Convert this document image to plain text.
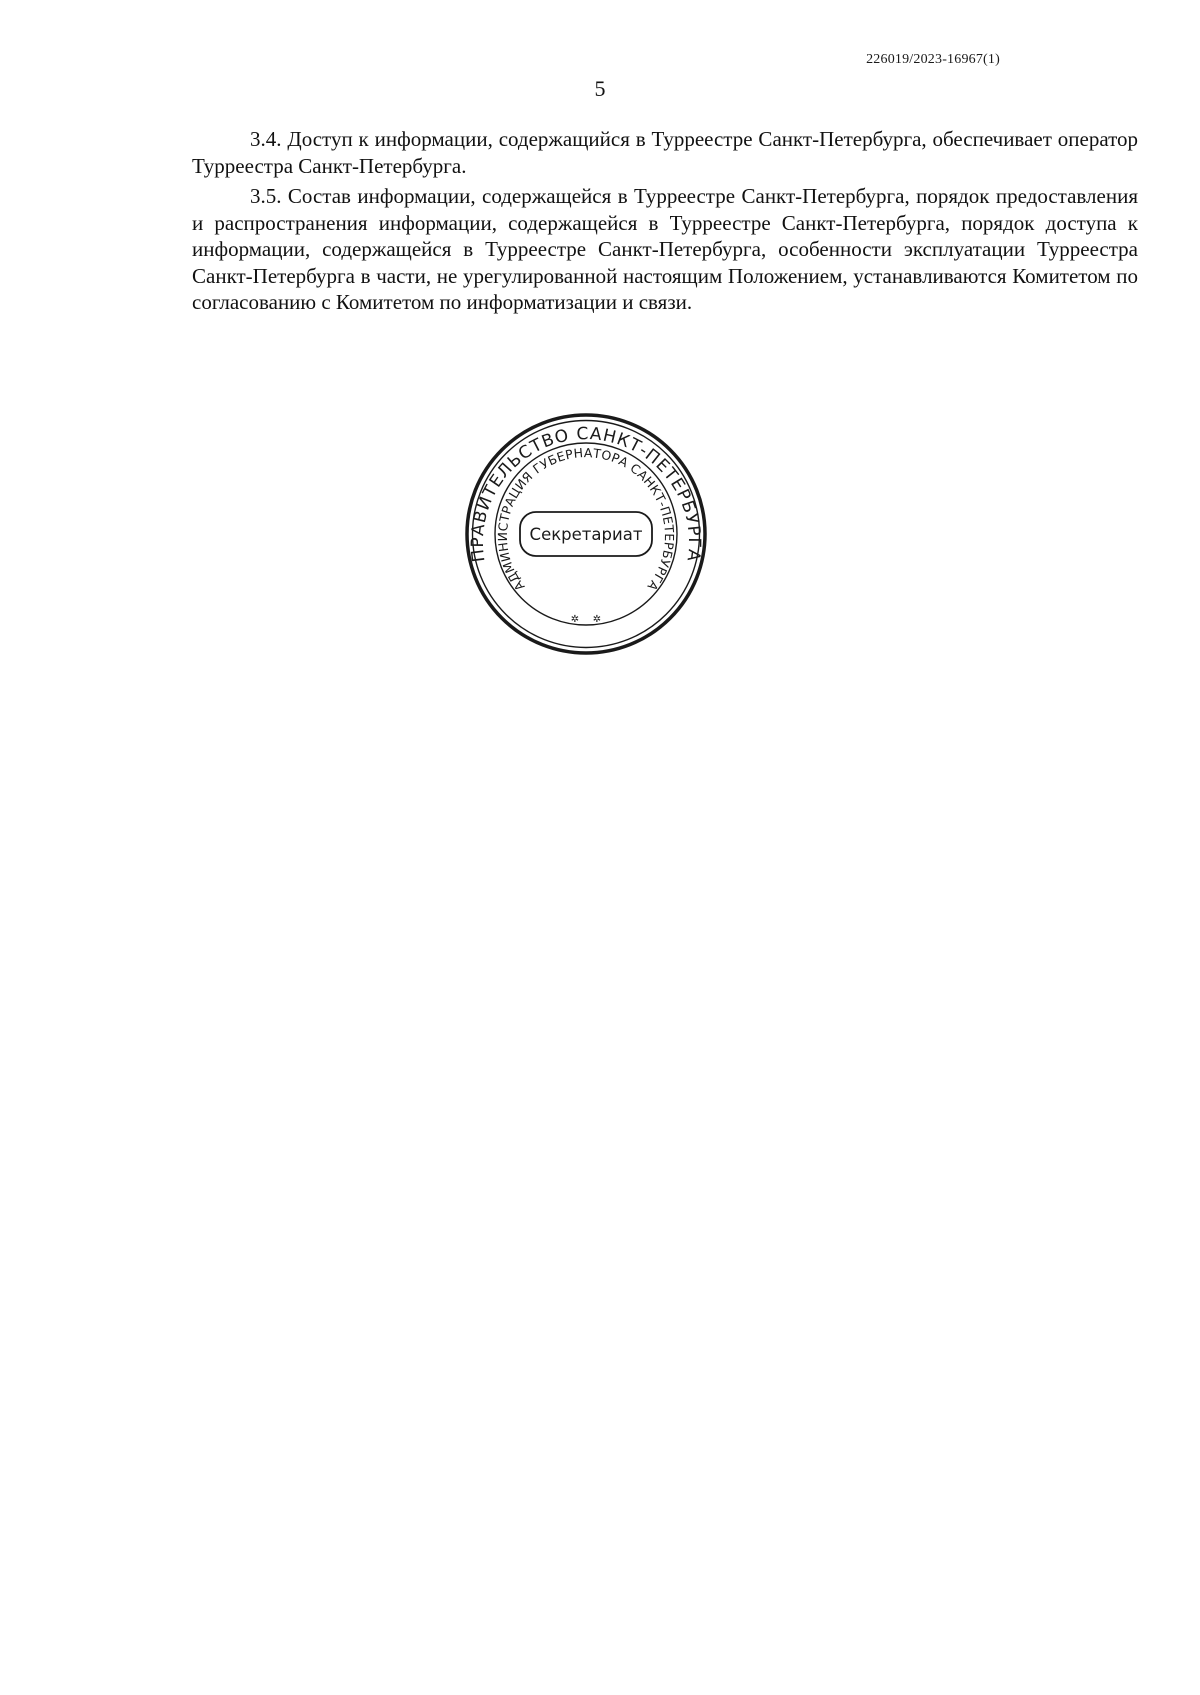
226019/2023-16967(1)
5

3.4. Доступ к информации, содержащийся в Турреестре Санкт-Петербурга, обеспечивает оператор Турреестра Санкт-Петербурга.

3.5. Состав информации, содержащейся в Турреестре Санкт-Петербурга, порядок предоставления и распространения информации, содержащейся в Турреестре Санкт-Петербурга, порядок доступа к информации, содержащейся в Турреестре Санкт-Петербурга, особенности эксплуатации Турреестра Санкт-Петербурга в части, не урегулированной настоящим Положением, устанавливаются Комитетом по согласованию с Комитетом по информатизации и связи.

ПРАВИТЕЛЬСТВО САНКТ-ПЕТЕРБУРГА
АДМИНИСТРАЦИЯ ГУБЕРНАТОРА САНКТ-ПЕТЕРБУРГА
Секретариат
✲ ✲
